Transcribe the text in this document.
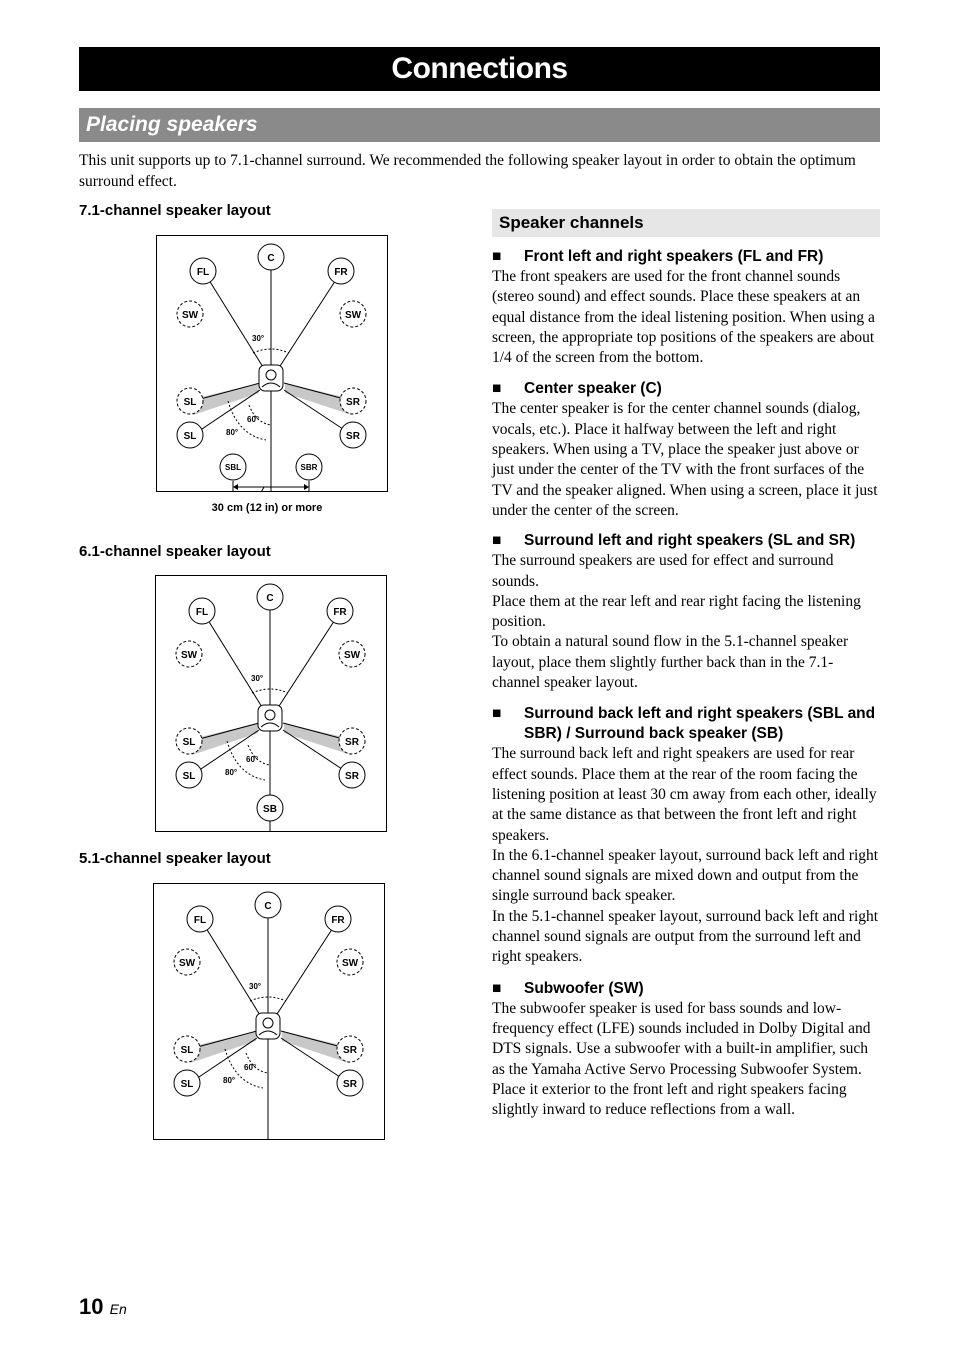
Connections
Placing speakers
This unit supports up to 7.1-channel surround. We recommended the following speaker layout in order to obtain the optimum surround effect.
7.1-channel speaker layout
30°
60°
80°
C
FL	FR
SW	SW
SL	SR
SL	SR
SBL	SBR
30 cm (12 in) or more
6.1-channel speaker layout
30°
60°
80°
C
FL	FR
SW	SW
SL	SR
SL	SR
SB
5.1-channel speaker layout
30°
60°
80°
C
FL	FR
SW	SW
SL	SR
SL	SR
Speaker channels
■ Front left and right speakers (FL and FR)

The front speakers are used for the front channel sounds (stereo sound) and effect sounds. Place these speakers at an equal distance from the ideal listening position. When using a screen, the appropriate top positions of the speakers are about 1/4 of the screen from the bottom.

■ Center speaker (C)

The center speaker is for the center channel sounds (dialog, vocals, etc.). Place it halfway between the left and right speakers. When using a TV, place the speaker just above or just under the center of the TV with the front surfaces of the TV and the speaker aligned. When using a screen, place it just under the center of the screen.

■ Surround left and right speakers (SL and SR)

The surround speakers are used for effect and surround sounds.
Place them at the rear left and rear right facing the listening position.
To obtain a natural sound flow in the 5.1-channel speaker layout, place them slightly further back than in the 7.1-channel speaker layout.

■ Surround back left and right speakers (SBL and SBR) / Surround back speaker (SB)

The surround back left and right speakers are used for rear effect sounds. Place them at the rear of the room facing the listening position at least 30 cm away from each other, ideally at the same distance as that between the front left and right speakers.
In the 6.1-channel speaker layout, surround back left and right channel sound signals are mixed down and output from the single surround back speaker.
In the 5.1-channel speaker layout, surround back left and right channel sound signals are output from the surround left and right speakers.

■ Subwoofer (SW)

The subwoofer speaker is used for bass sounds and low-frequency effect (LFE) sounds included in Dolby Digital and DTS signals. Use a subwoofer with a built-in amplifier, such as the Yamaha Active Servo Processing Subwoofer System. Place it exterior to the front left and right speakers facing slightly inward to reduce reflections from a wall.

10 En
